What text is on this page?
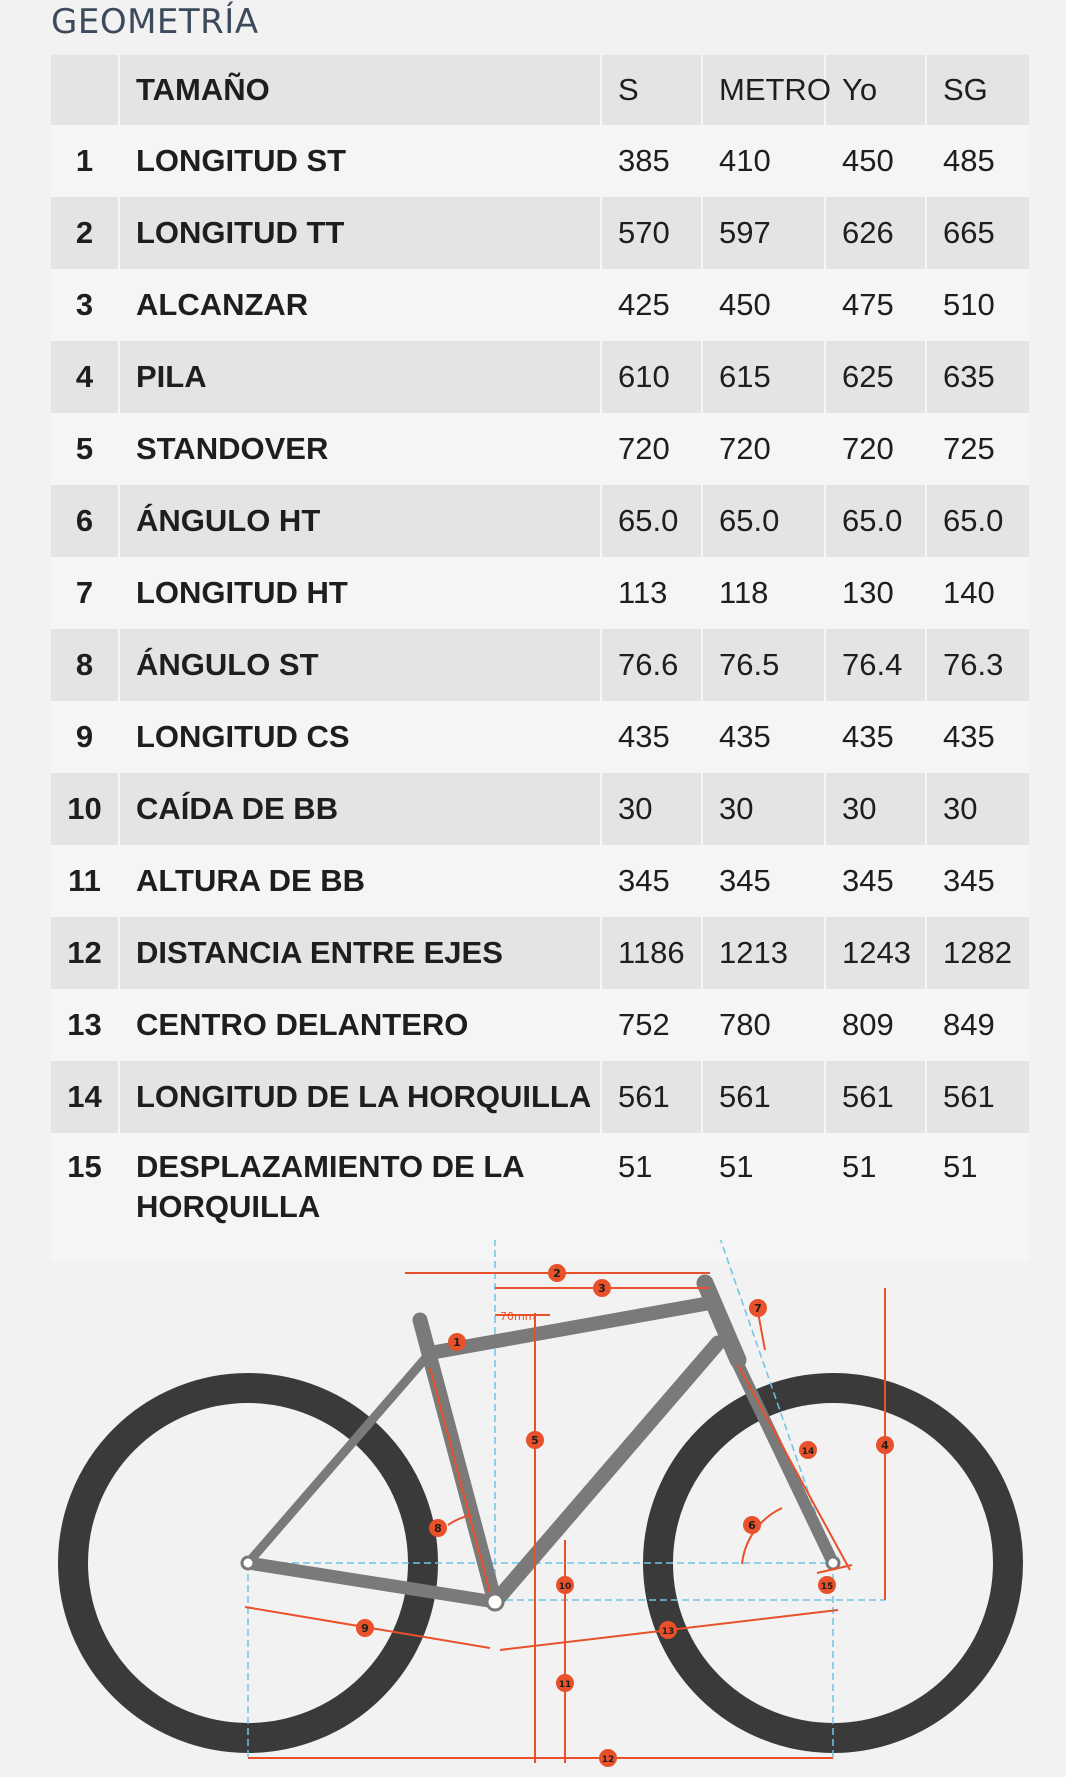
GEOMETRÍA
	TAMAÑO	S	METRO	Yo	SG
1	LONGITUD ST	385	410	450	485
2	LONGITUD TT	570	597	626	665
3	ALCANZAR	425	450	475	510
4	PILA	610	615	625	635
5	STANDOVER	720	720	720	725
6	ÁNGULO HT	65.0	65.0	65.0	65.0
7	LONGITUD HT	113	118	130	140
8	ÁNGULO ST	76.6	76.5	76.4	76.3
9	LONGITUD CS	435	435	435	435
10	CAÍDA DE BB	30	30	30	30
11	ALTURA DE BB	345	345	345	345
12	DISTANCIA ENTRE EJES	1186	1213	1243	1282
13	CENTRO DELANTERO	752	780	809	849
14	LONGITUD DE LA HORQUILLA	561	561	561	561
15	DESPLAZAMIENTO DE LA HORQUILLA	51	51	51	51
70mm
1
2
3
4
5
6
7
8
9
10
11
12
13
14
15
